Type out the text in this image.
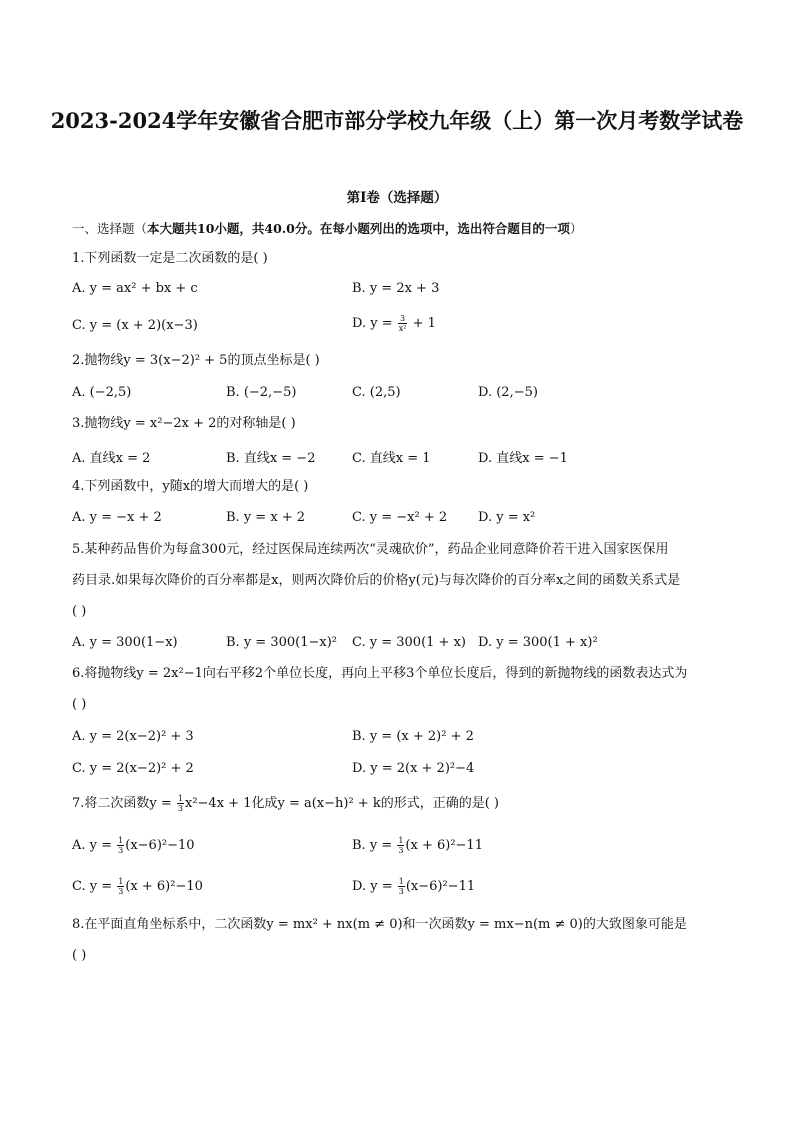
2023-2024学年安徽省合肥市部分学校九年级（上）第一次月考数学试卷
第I卷（选择题）
一、选择题（本大题共10小题，共40.0分。在每小题列出的选项中，选出符合题目的一项）
1.下列函数一定是二次函数的是( )
A. y = ax² + bx + c	B. y = 2x + 3
C. y = (x + 2)(x−3)	D. $y = \frac{3}{\text{x²}} + 1$
2.抛物线y = 3(x−2)² + 5的顶点坐标是( )
A. (−2,5)	B. (−2,−5)	C. (2,5)	D. (2,−5)
3.抛物线y = x²−2x + 2的对称轴是( )
A. 直线x = 2	B. 直线x = −2	C. 直线x = 1	D. 直线x = −1
4.下列函数中，y随x的增大而增大的是( )
A. y = −x + 2	B. y = x + 2	C. y = −x² + 2 D. y = x²
5.某种药品售价为每盒300元，经过医保局连续两次“灵魂砍价”，药品企业同意降价若干进入国家医保用
药目录.如果每次降价的百分率都是x，则两次降价后的价格y(元)与每次降价的百分率x之间的函数关系式是
( )
A. y = 300(1−x)	B. y = 300(1−x)² C. y = 300(1 + x) D. y = 300(1 + x)²
6.将抛物线y = 2x²−1向右平移2个单位长度，再向上平移3个单位长度后，得到的新抛物线的函数表达式为
( )
A. y = 2(x−2)² + 3	B. y = (x + 2)² + 2
C. y = 2(x−2)² + 2	D. y = 2(x + 2)²−4
7.将二次函数$y = \frac{1}{3} x^2-4x + 1$化成y = a(x−h)² + k的形式，正确的是( )
A. $y = \frac{1}{3} (x-6)^2-10$	B. $y = \frac{1}{3} (x + 6)^2-11$
C. $y = \frac{1}{3} (x + 6)^2-10$	D. $y = \frac{1}{3} (x-6)^2-11$
8.在平面直角坐标系中，二次函数y = mx² + nx(m ≠ 0)和一次函数y = mx−n(m ≠ 0)的大致图象可能是
( )
